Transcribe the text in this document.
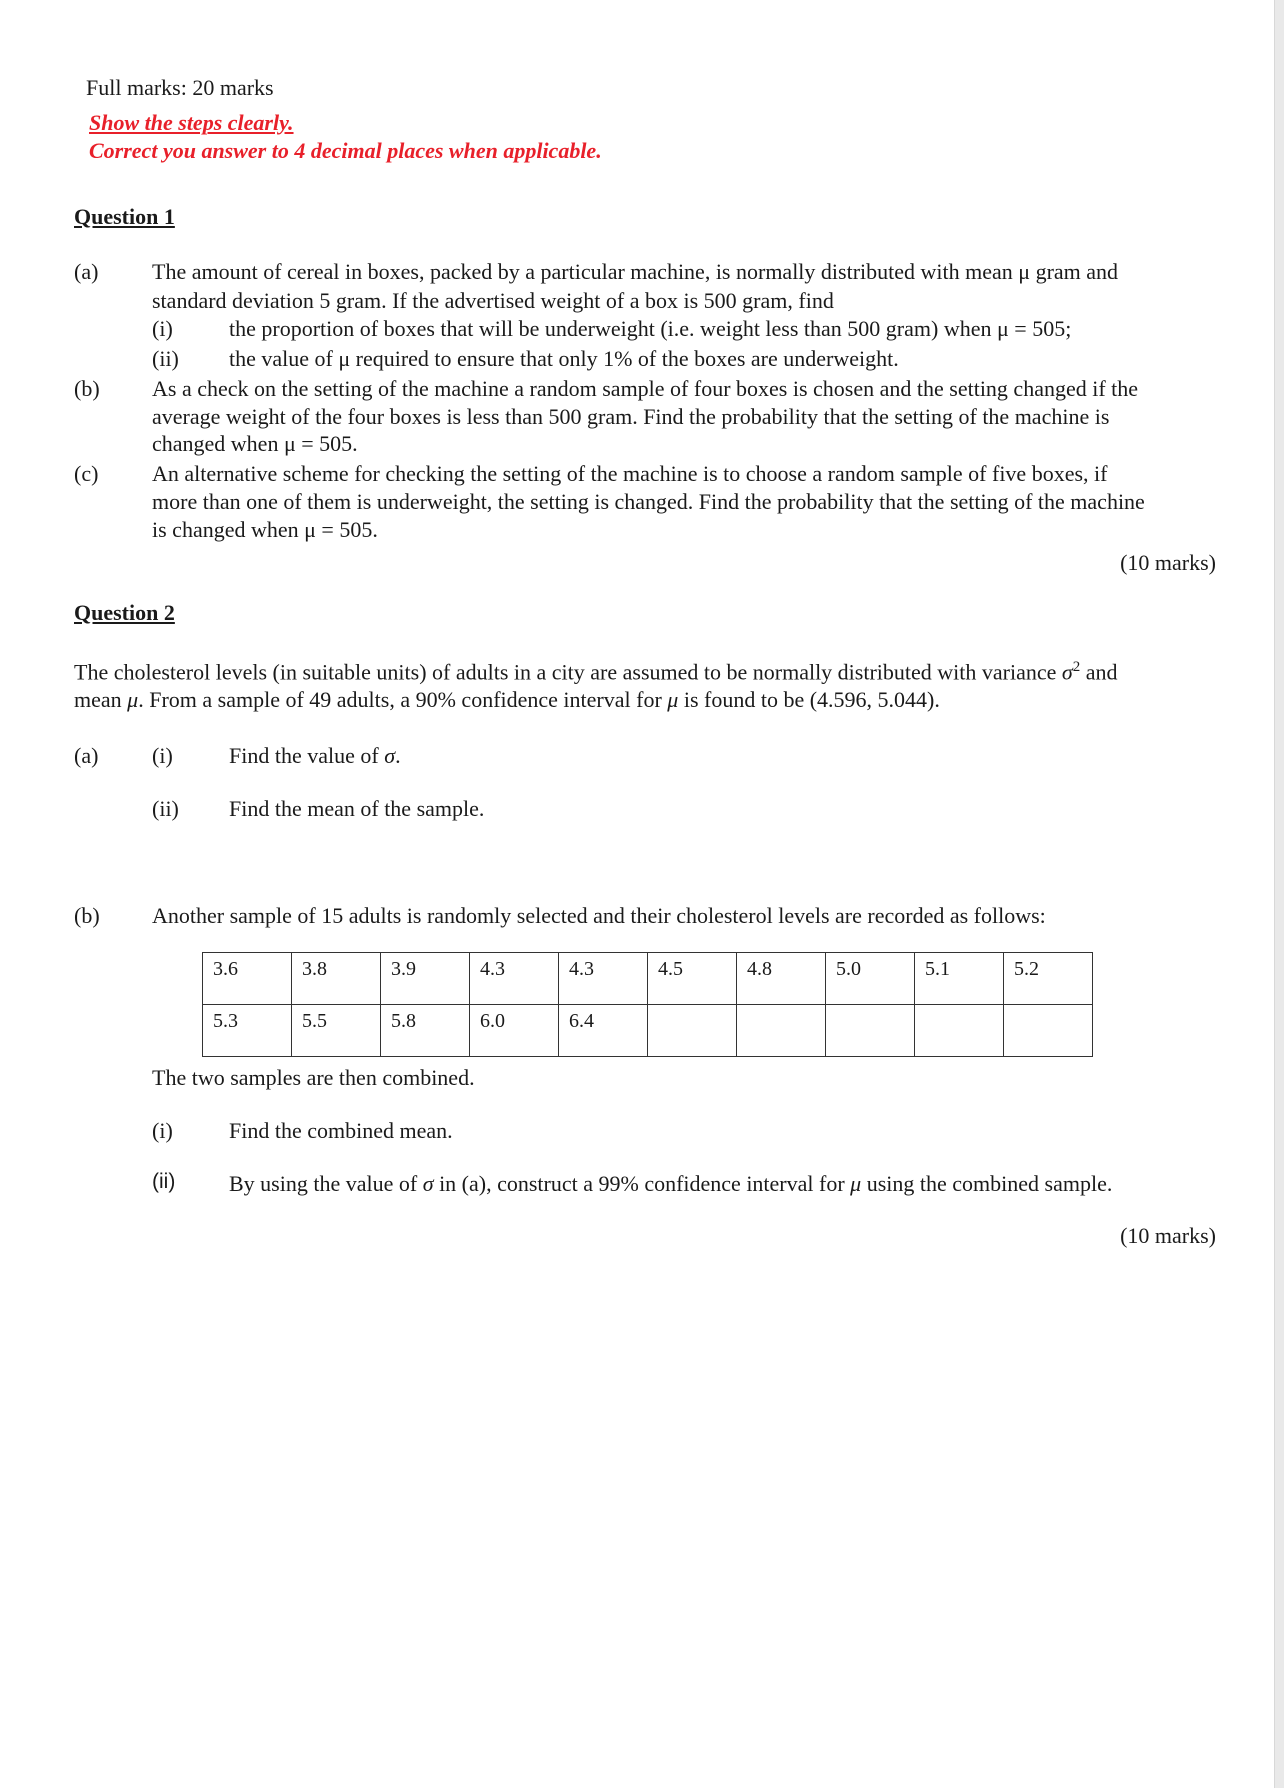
Full marks: 20 marks
Show the steps clearly.
Correct you answer to 4 decimal places when applicable.
Question 1
(a) The amount of cereal in boxes, packed by a particular machine, is normally distributed with mean μ gram and
standard deviation 5 gram. If the advertised weight of a box is 500 gram, find
(i)	the proportion of boxes that will be underweight (i.e. weight less than 500 gram) when μ = 505;
(ii) the value of μ required to ensure that only 1% of the boxes are underweight.
(b) As a check on the setting of the machine a random sample of four boxes is chosen and the setting changed if the
average weight of the four boxes is less than 500 gram. Find the probability that the setting of the machine is
changed when μ = 505.
(c) An alternative scheme for checking the setting of the machine is to choose a random sample of five boxes, if
more than one of them is underweight, the setting is changed. Find the probability that the setting of the machine
is changed when μ = 505.
(10 marks)
Question 2
The cholesterol levels (in suitable units) of adults in a city are assumed to be normally distributed with variance $\sigma^2$ and
mean μ. From a sample of 49 adults, a 90% confidence interval for μ is found to be (4.596, 5.044).
(a) (i)	Find the value of σ.
(ii) Find the mean of the sample.
(b) Another sample of 15 adults is randomly selected and their cholesterol levels are recorded as follows:
3.6	3.8	3.9	4.3	4.3	4.5	4.8	5.0	5.1	5.2
5.3	5.5	5.8	6.0	6.4					
The two samples are then combined.
(i)	Find the combined mean.
(ii) By using the value of σ in (a), construct a 99% confidence interval for μ using the combined sample.
(10 marks)
